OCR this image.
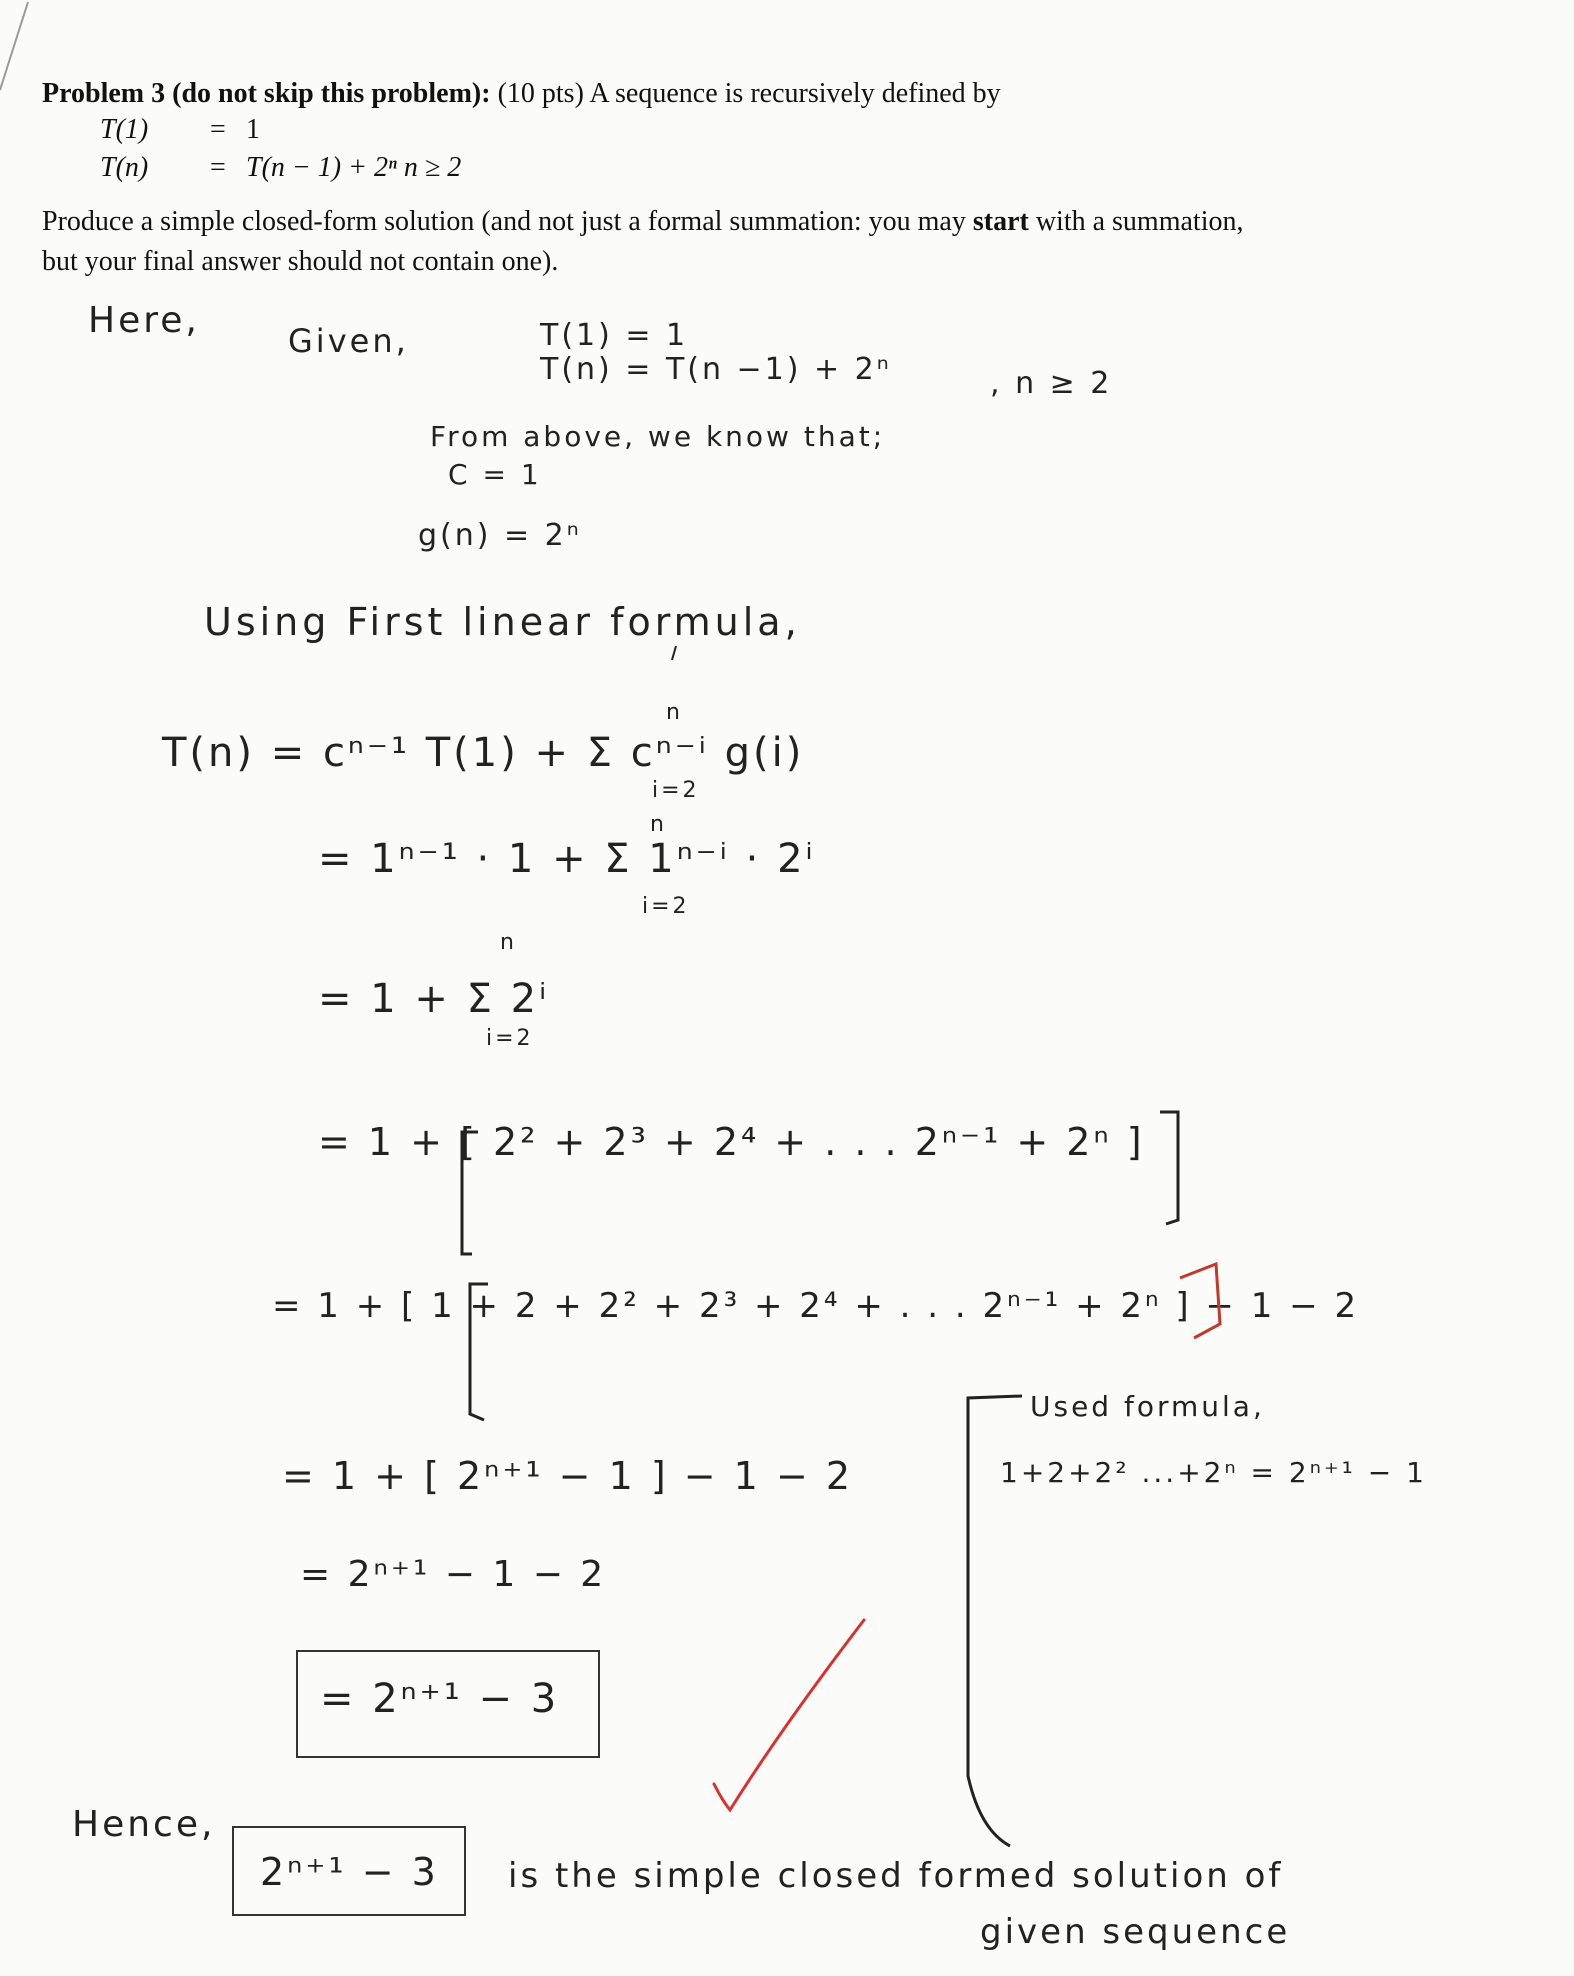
Problem 3 (do not skip this problem): (10 pts) A sequence is recursively defined by
T(1) = 1
T(n) = T(n − 1) + 2ⁿ n ≥ 2
Produce a simple closed-form solution (and not just a formal summation: you may start with a summation,
but your final answer should not contain one).
Here,	Given,	T(1) = 1
T(n) = T(n −1) + 2ⁿ	, n ≥ 2
From above, we know that;
C = 1
g(n) = 2ⁿ
Using First linear formula,
T(n) = cⁿ⁻¹ T(1) + Σ cⁿ⁻ⁱ g(i)
n
i=2
= 1ⁿ⁻¹ · 1 + Σ 1ⁿ⁻ⁱ · 2ⁱ
n
i=2
= 1 + Σ 2ⁱ
n
i=2
= 1 + [ 2² + 2³ + 2⁴ + . . . 2ⁿ⁻¹ + 2ⁿ ]
= 1 + [ 1 + 2 + 2² + 2³ + 2⁴ + . . . 2ⁿ⁻¹ + 2ⁿ ] − 1 − 2
= 1 + [ 2ⁿ⁺¹ − 1 ] − 1 − 2
= 2ⁿ⁺¹ − 1 − 2
= 2ⁿ⁺¹ − 3
Used formula,
1+2+2² ...+2ⁿ = 2ⁿ⁺¹ − 1
Hence,
2ⁿ⁺¹ − 3 is the simple closed formed solution of
given sequence
